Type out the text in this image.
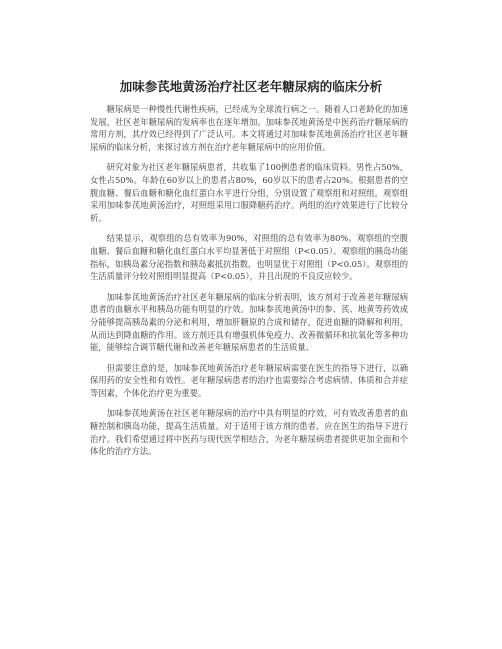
加味参芪地黄汤治疗社区老年糖尿病的临床分析

糖尿病是一种慢性代谢性疾病，已经成为全球流行病之一。随着人口老龄化的加速发展，社区老年糖尿病的发病率也在逐年增加。加味参芪地黄汤是中医药治疗糖尿病的常用方剂，其疗效已经得到了广泛认可。本文将通过对加味参芪地黄汤治疗社区老年糖尿病的临床分析，来探讨该方剂在治疗老年糖尿病中的应用价值。

研究对象为社区老年糖尿病患者，共收集了100例患者的临床资料。男性占50%，女性占50%。年龄在60岁以上的患者占80%，60岁以下的患者占20%。根据患者的空腹血糖、餐后血糖和糖化血红蛋白水平进行分组，分别设置了观察组和对照组。观察组采用加味参芪地黄汤治疗，对照组采用口服降糖药治疗。两组的治疗效果进行了比较分析。

结果显示，观察组的总有效率为90%，对照组的总有效率为80%。观察组的空腹血糖、餐后血糖和糖化血红蛋白水平均显著低于对照组（P<0.05）。观察组的胰岛功能指标，如胰岛素分泌指数和胰岛素抵抗指数，也明显优于对照组（P<0.05）。观察组的生活质量评分较对照组明显提高（P<0.05），并且出现的不良反应较少。

加味参芪地黄汤治疗社区老年糖尿病的临床分析表明，该方剂对于改善老年糖尿病患者的血糖水平和胰岛功能有明显的疗效。加味参芪地黄汤中的参、芪、地黄等药效成分能够提高胰岛素的分泌和利用，增加肝糖原的合成和储存，促进血糖的降解和利用，从而达到降血糖的作用。该方剂还具有增强机体免疫力、改善微循环和抗氧化等多种功能，能够综合调节糖代谢和改善老年糖尿病患者的生活质量。

但需要注意的是，加味参芪地黄汤治疗老年糖尿病需要在医生的指导下进行，以确保用药的安全性和有效性。老年糖尿病患者的治疗也需要综合考虑病情、体质和合并症等因素，个体化治疗更为重要。

加味参芪地黄汤在社区老年糖尿病的治疗中具有明显的疗效，可有效改善患者的血糖控制和胰岛功能，提高生活质量。对于适用于该方剂的患者，应在医生的指导下进行治疗。我们希望通过将中医药与现代医学相结合，为老年糖尿病患者提供更加全面和个体化的治疗方法。
